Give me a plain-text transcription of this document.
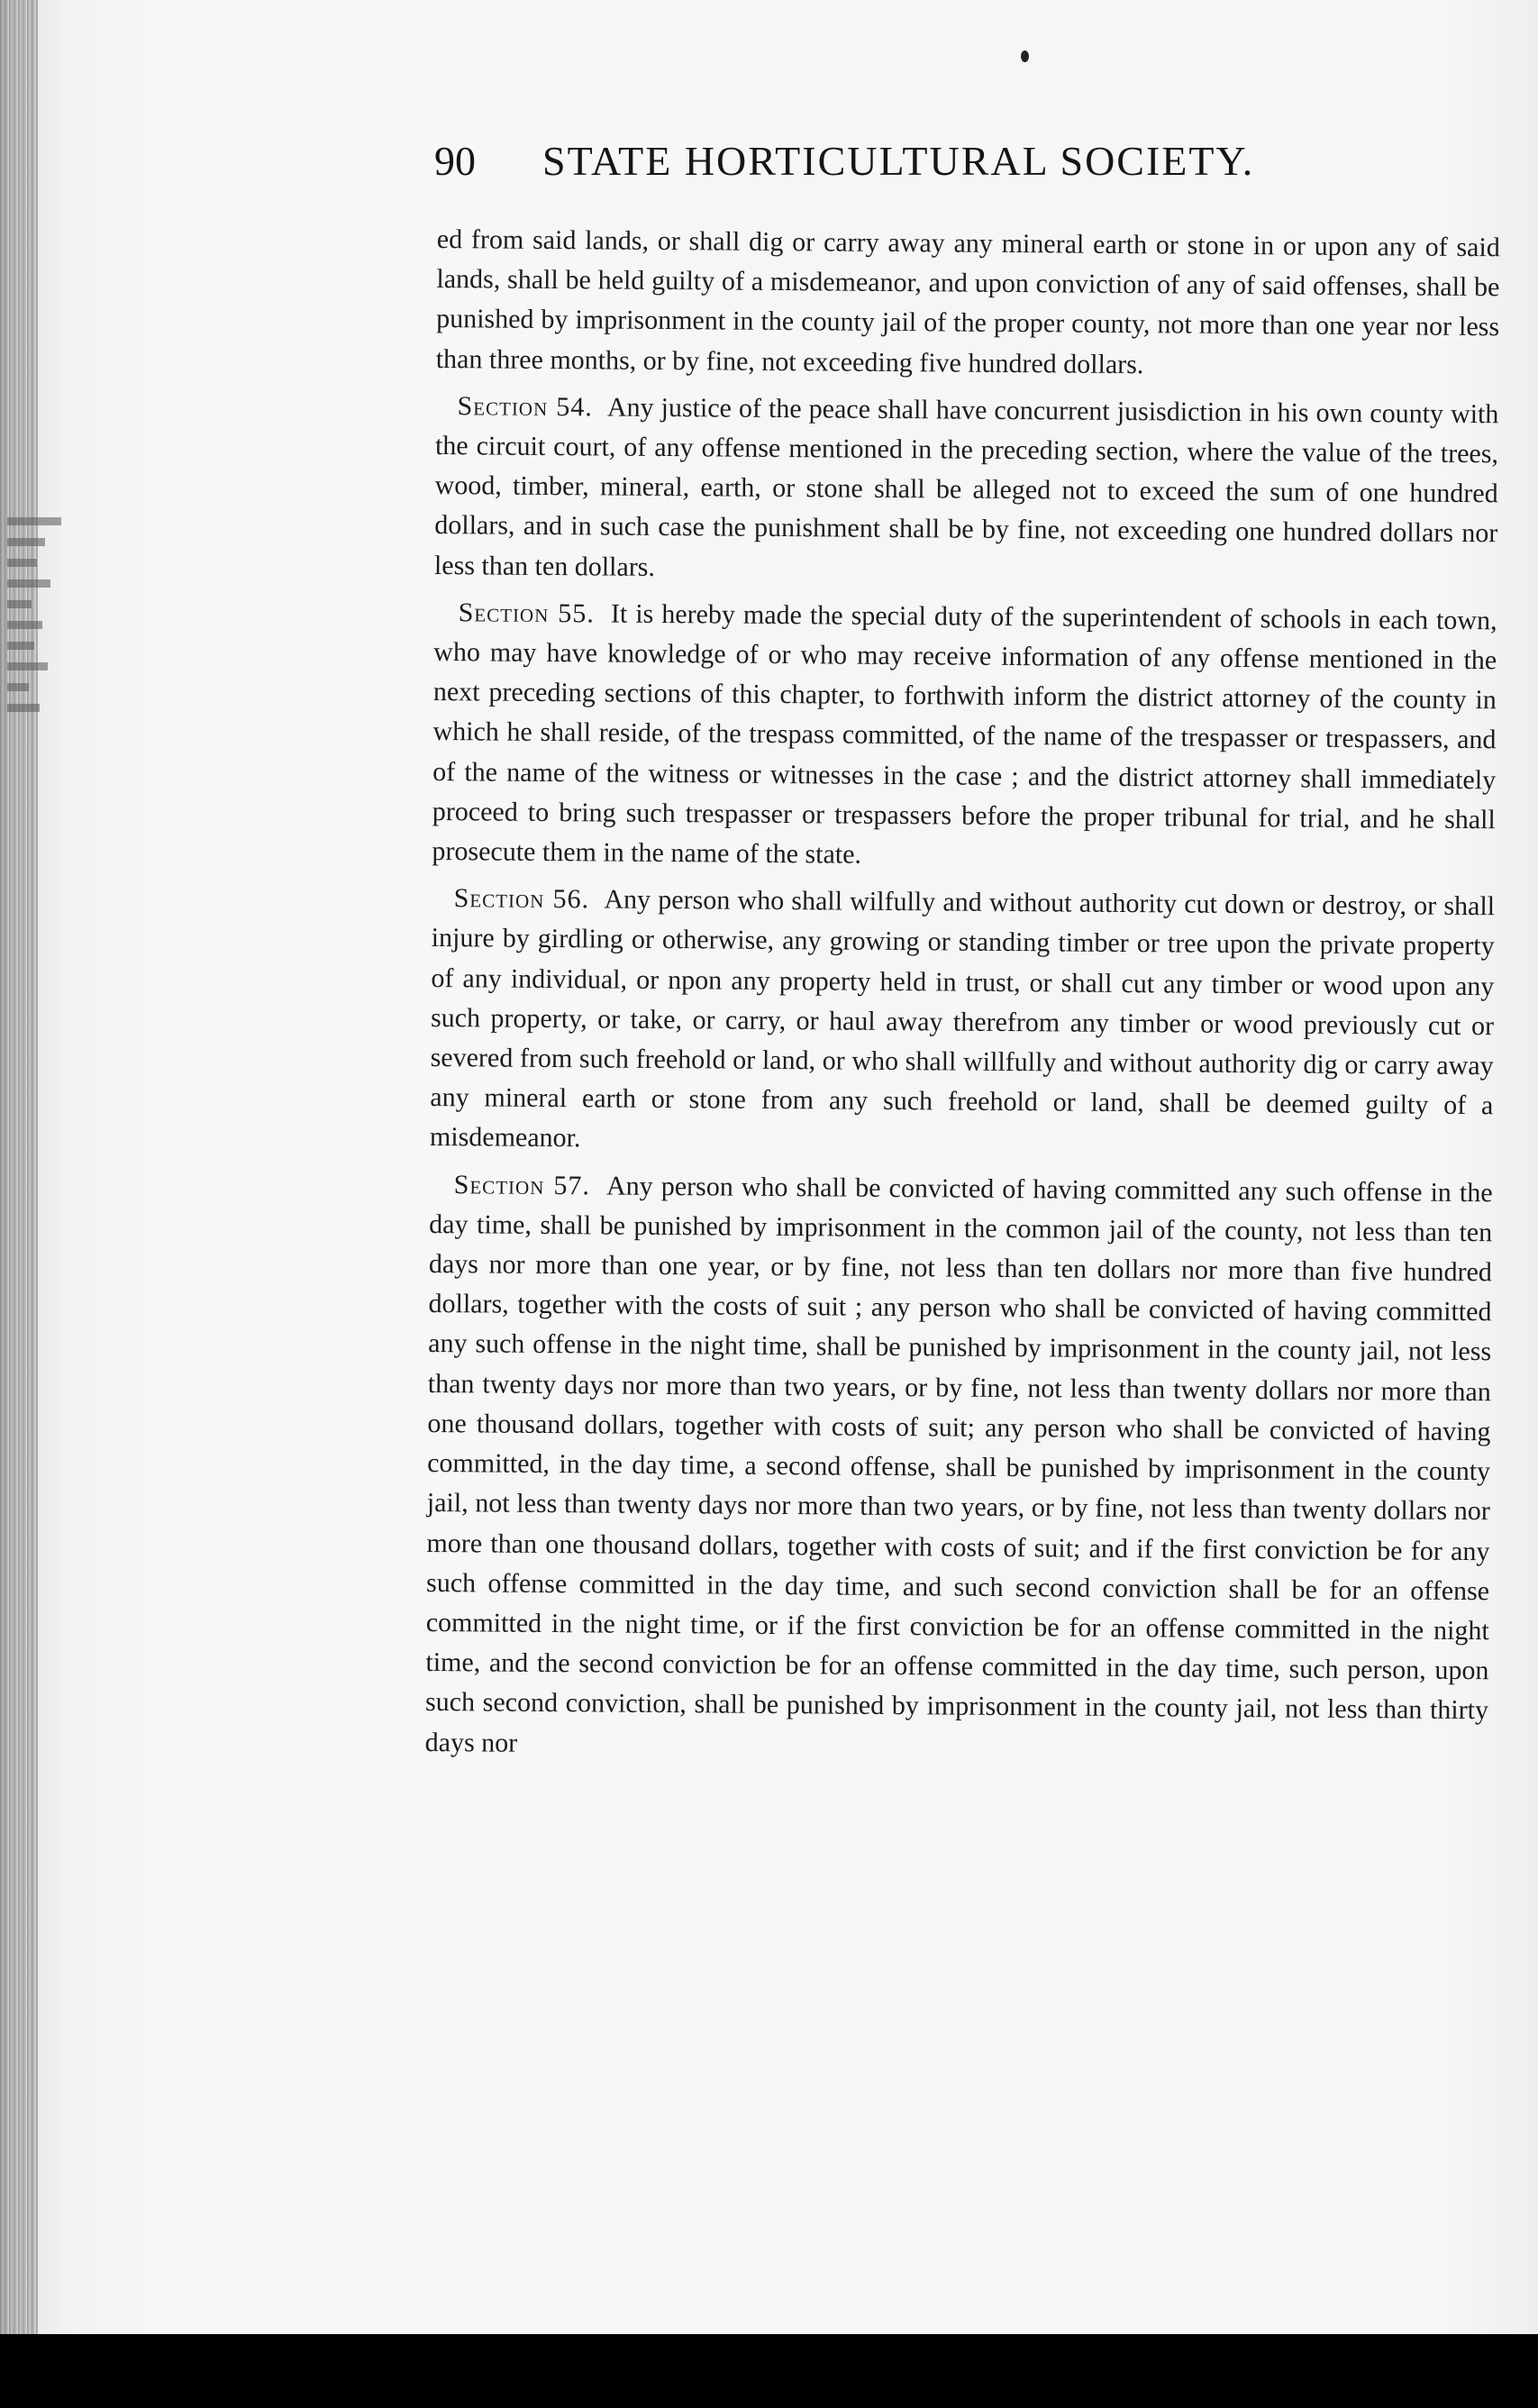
90	STATE HORTICULTURAL SOCIETY.

ed from said lands, or shall dig or carry away any mineral earth or stone in or upon any of said lands, shall be held guilty of a misdemeanor, and upon conviction of any of said offenses, shall be punished by imprisonment in the county jail of the proper county, not more than one year nor less than three months, or by fine, not exceeding five hundred dollars.

Section 54. Any justice of the peace shall have concurrent jusisdiction in his own county with the circuit court, of any offense mentioned in the preceding section, where the value of the trees, wood, timber, mineral, earth, or stone shall be alleged not to exceed the sum of one hundred dollars, and in such case the punishment shall be by fine, not exceeding one hundred dollars nor less than ten dollars.

Section 55. It is hereby made the special duty of the superintendent of schools in each town, who may have knowledge of or who may receive information of any offense mentioned in the next preceding sections of this chapter, to forthwith inform the district attorney of the county in which he shall reside, of the trespass committed, of the name of the trespasser or trespassers, and of the name of the witness or witnesses in the case ; and the district attorney shall immediately proceed to bring such trespasser or trespassers before the proper tribunal for trial, and he shall prosecute them in the name of the state.

Section 56. Any person who shall wilfully and without authority cut down or destroy, or shall injure by girdling or otherwise, any growing or standing timber or tree upon the private property of any individual, or npon any property held in trust, or shall cut any timber or wood upon any such property, or take, or carry, or haul away therefrom any timber or wood previously cut or severed from such freehold or land, or who shall willfully and without authority dig or carry away any mineral earth or stone from any such freehold or land, shall be deemed guilty of a misdemeanor.

Section 57. Any person who shall be convicted of having committed any such offense in the day time, shall be punished by imprisonment in the common jail of the county, not less than ten days nor more than one year, or by fine, not less than ten dollars nor more than five hundred dollars, together with the costs of suit ; any person who shall be convicted of having committed any such offense in the night time, shall be punished by imprisonment in the county jail, not less than twenty days nor more than two years, or by fine, not less than twenty dollars nor more than one thousand dollars, together with costs of suit; any person who shall be convicted of having committed, in the day time, a second offense, shall be punished by imprisonment in the county jail, not less than twenty days nor more than two years, or by fine, not less than twenty dollars nor more than one thousand dollars, together with costs of suit; and if the first conviction be for any such offense committed in the day time, and such second conviction shall be for an offense committed in the night time, or if the first conviction be for an offense committed in the night time, and the second conviction be for an offense committed in the day time, such person, upon such second conviction, shall be punished by imprisonment in the county jail, not less than thirty days nor
